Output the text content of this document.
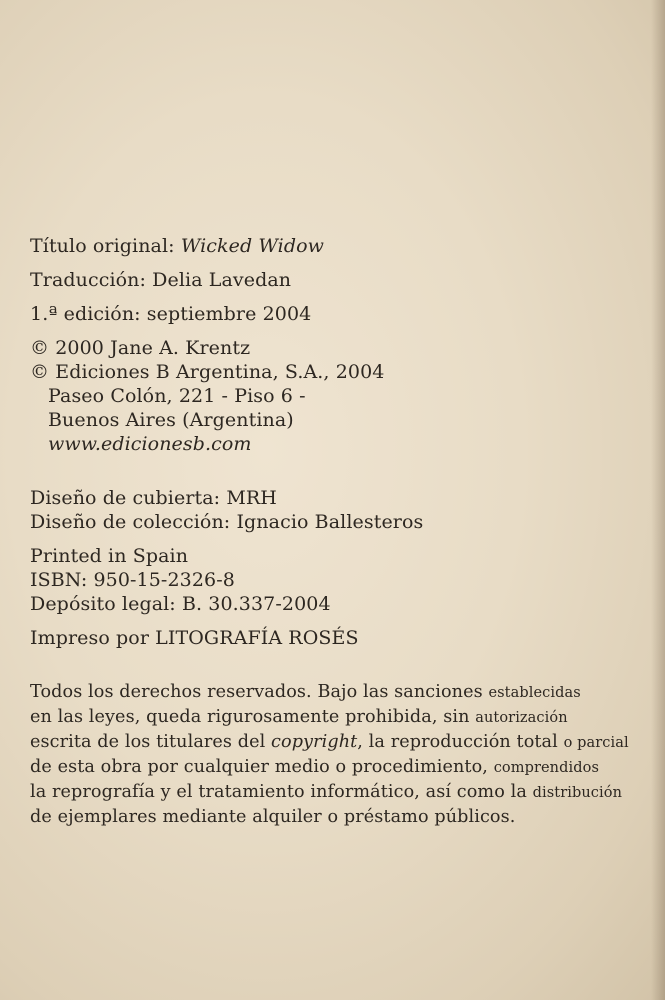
Título original: Wicked Widow
Traducción: Delia Lavedan
1.ª edición: septiembre 2004
© 2000 Jane A. Krentz
© Ediciones B Argentina, S.A., 2004
Paseo Colón, 221 - Piso 6 -
Buenos Aires (Argentina)
www.edicionesb.com
Diseño de cubierta: MRH
Diseño de colección: Ignacio Ballesteros
Printed in Spain
ISBN: 950-15-2326-8
Depósito legal: B. 30.337-2004
Impreso por LITOGRAFÍA ROSÉS
Todos los derechos reservados. Bajo las sanciones establecidas
en las leyes, queda rigurosamente prohibida, sin autorización
escrita de los titulares del copyright, la reproducción total o parcial
de esta obra por cualquier medio o procedimiento, comprendidos
la reprografía y el tratamiento informático, así como la distribución
de ejemplares mediante alquiler o préstamo públicos.
